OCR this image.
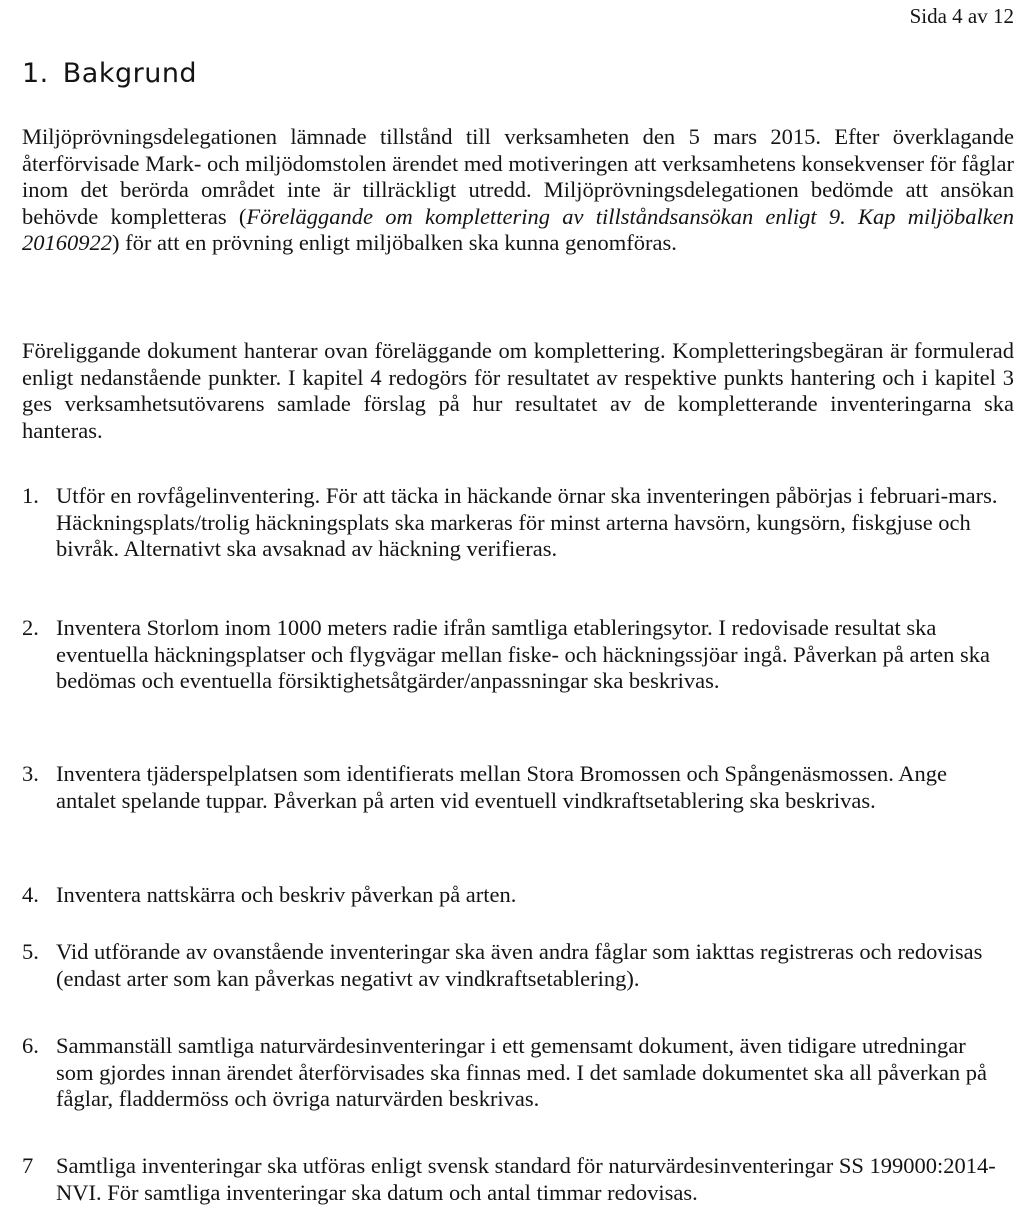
Sida 4 av 12
1. Bakgrund

Miljöprövningsdelegationen lämnade tillstånd till verksamheten den 5 mars 2015. Efter överklagande återförvisade Mark- och miljödomstolen ärendet med motiveringen att verksamhetens konsekvenser för fåglar inom det berörda området inte är tillräckligt utredd. Miljöprövningsdelegationen bedömde att ansökan behövde kompletteras (Föreläggande om komplettering av tillståndsansökan enligt 9. Kap miljöbalken 20160922) för att en prövning enligt miljöbalken ska kunna genomföras.

Föreliggande dokument hanterar ovan föreläggande om komplettering. Kompletteringsbegäran är formulerad enligt nedanstående punkter. I kapitel 4 redogörs för resultatet av respektive punkts hantering och i kapitel 3 ges verksamhetsutövarens samlade förslag på hur resultatet av de kompletterande inventeringarna ska hanteras.

1. Utför en rovfågelinventering. För att täcka in häckande örnar ska inventeringen påbörjas i februari-mars. Häckningsplats/trolig häckningsplats ska markeras för minst arterna havsörn, kungsörn, fiskgjuse och bivråk. Alternativt ska avsaknad av häckning verifieras.
2. Inventera Storlom inom 1000 meters radie ifrån samtliga etableringsytor. I redovisade resultat ska eventuella häckningsplatser och flygvägar mellan fiske- och häckningssjöar ingå. Påverkan på arten ska bedömas och eventuella försiktighetsåtgärder/anpassningar ska beskrivas.
3. Inventera tjäderspelplatsen som identifierats mellan Stora Bromossen och Spångenäsmossen. Ange antalet spelande tuppar. Påverkan på arten vid eventuell vindkraftsetablering ska beskrivas.
4. Inventera nattskärra och beskriv påverkan på arten.
5. Vid utförande av ovanstående inventeringar ska även andra fåglar som iakttas registreras och redovisas (endast arter som kan påverkas negativt av vindkraftsetablering).
6. Sammanställ samtliga naturvärdesinventeringar i ett gemensamt dokument, även tidigare utredningar som gjordes innan ärendet återförvisades ska finnas med. I det samlade dokumentet ska all påverkan på fåglar, fladdermöss och övriga naturvärden beskrivas.
7 Samtliga inventeringar ska utföras enligt svensk standard för naturvärdesinventeringar SS 199000:2014-NVI. För samtliga inventeringar ska datum och antal timmar redovisas.
